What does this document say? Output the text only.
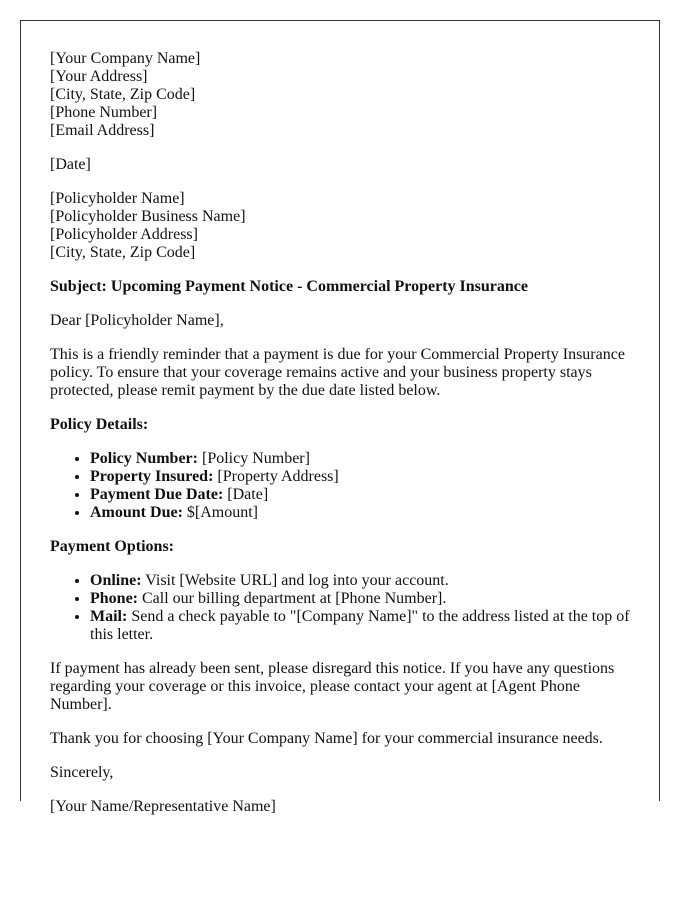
[Your Company Name]
[Your Address]
[City, State, Zip Code]
[Phone Number]
[Email Address]

[Date]

[Policyholder Name]
[Policyholder Business Name]
[Policyholder Address]
[City, State, Zip Code]

Subject: Upcoming Payment Notice - Commercial Property Insurance

Dear [Policyholder Name],

This is a friendly reminder that a payment is due for your Commercial Property Insurance policy. To ensure that your coverage remains active and your business property stays protected, please remit payment by the due date listed below.

Policy Details:

• Policy Number: [Policy Number]
• Property Insured: [Property Address]
• Payment Due Date: [Date]
• Amount Due: $[Amount]

Payment Options:

• Online: Visit [Website URL] and log into your account.
• Phone: Call our billing department at [Phone Number].
• Mail: Send a check payable to "[Company Name]" to the address listed at the top of this letter.

If payment has already been sent, please disregard this notice. If you have any questions regarding your coverage or this invoice, please contact your agent at [Agent Phone Number].

Thank you for choosing [Your Company Name] for your commercial insurance needs.

Sincerely,

[Your Name/Representative Name]
